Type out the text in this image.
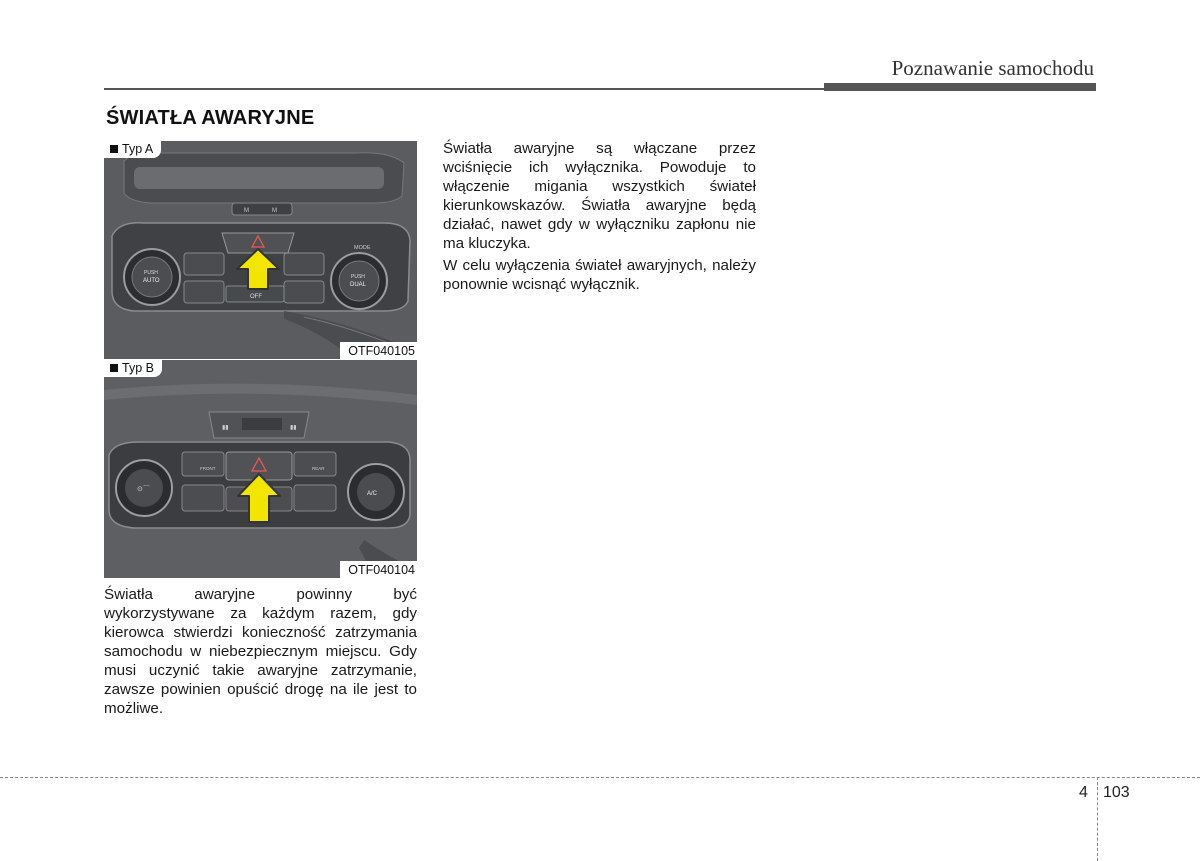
Poznawanie samochodu
ŚWIATŁA AWARYJNE
M	M
PUSH
AUTO
PUSH
DUAL
MODE
OFF
Typ A
OTF040105
▮▮	▮▮
⊙⌒
A/C
FRONT	REAR
Typ B
OTF040104

Światła awaryjne powinny być wykorzystywane za każdym razem, gdy kierowca stwierdzi konieczność zatrzymania samochodu w niebezpiecznym miejscu. Gdy musi uczynić takie awaryjne zatrzymanie, zawsze powinien opuścić drogę na ile jest to możliwe.

Światła awaryjne są włączane przez wciśnięcie ich wyłącznika. Powoduje to włączenie migania wszystkich świateł kierunkowskazów. Światła awaryjne będą działać, nawet gdy w wyłączniku zapłonu nie ma kluczyka.

W celu wyłączenia świateł awaryjnych, należy ponownie wcisnąć wyłącznik.

4 103
